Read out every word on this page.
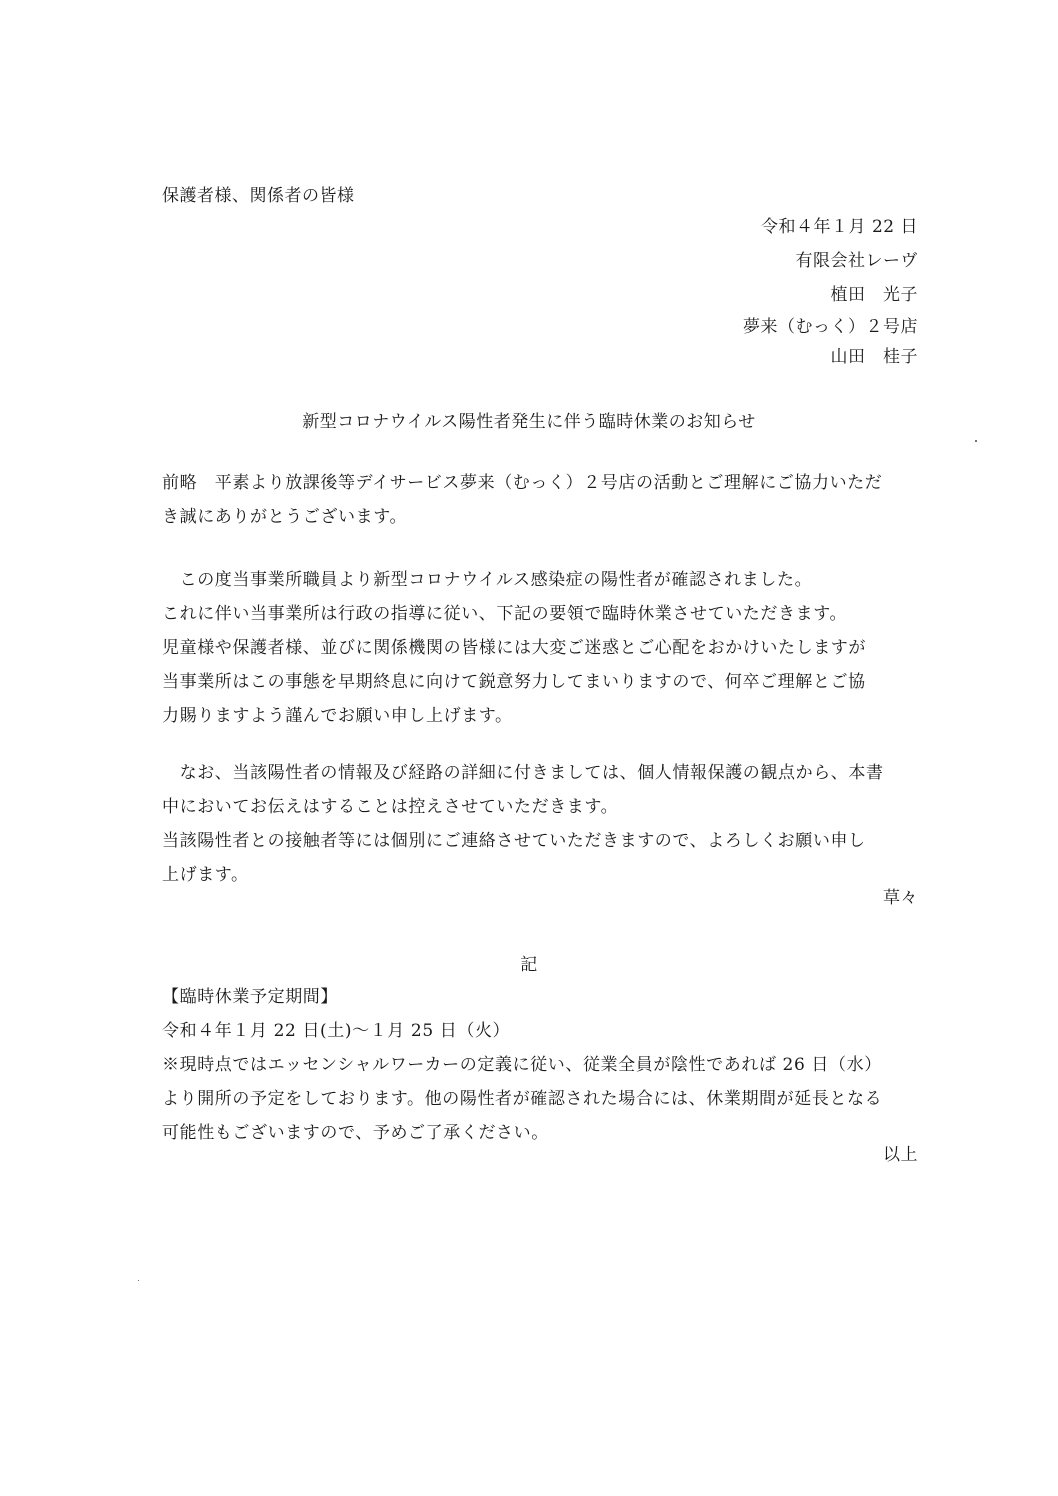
保護者様、関係者の皆様
令和４年１月 22 日
有限会社レーヴ
植田　光子
夢来（むっく）２号店
山田　桂子
新型コロナウイルス陽性者発生に伴う臨時休業のお知らせ

前略　平素より放課後等デイサービス夢来（むっく）２号店の活動とご理解にご協力いただ

き誠にありがとうございます。

　この度当事業所職員より新型コロナウイルス感染症の陽性者が確認されました。

これに伴い当事業所は行政の指導に従い、下記の要領で臨時休業させていただきます。

児童様や保護者様、並びに関係機関の皆様には大変ご迷惑とご心配をおかけいたしますが

当事業所はこの事態を早期終息に向けて鋭意努力してまいりますので、何卒ご理解とご協

力賜りますよう謹んでお願い申し上げます。

　なお、当該陽性者の情報及び経路の詳細に付きましては、個人情報保護の観点から、本書

中においてお伝えはすることは控えさせていただきます。

当該陽性者との接触者等には個別にご連絡させていただきますので、よろしくお願い申し

上げます。

草々
記

【臨時休業予定期間】

令和４年１月 22 日(土)～１月 25 日（火）

※現時点ではエッセンシャルワーカーの定義に従い、従業全員が陰性であれば 26 日（水）

より開所の予定をしております。他の陽性者が確認された場合には、休業期間が延長となる

可能性もございますので、予めご了承ください。

以上
